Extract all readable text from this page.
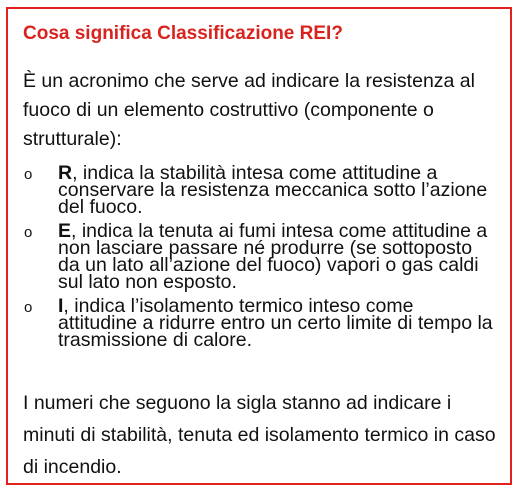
Cosa significa Classificazione REI?
È un acronimo che serve ad indicare la resistenza al fuoco di un elemento costruttivo (componente o strutturale):
o R, indica la stabilità intesa come attitudine a conservare la resistenza meccanica sotto l’azione del fuoco.
o E, indica la tenuta ai fumi intesa come attitudine a non lasciare passare né produrre (se sottoposto da un lato all’azione del fuoco) vapori o gas caldi sul lato non esposto.
o I, indica l’isolamento termico inteso come attitudine a ridurre entro un certo limite di tempo la trasmissione di calore.
I numeri che seguono la sigla stanno ad indicare i minuti di stabilità, tenuta ed isolamento termico in caso di incendio.
